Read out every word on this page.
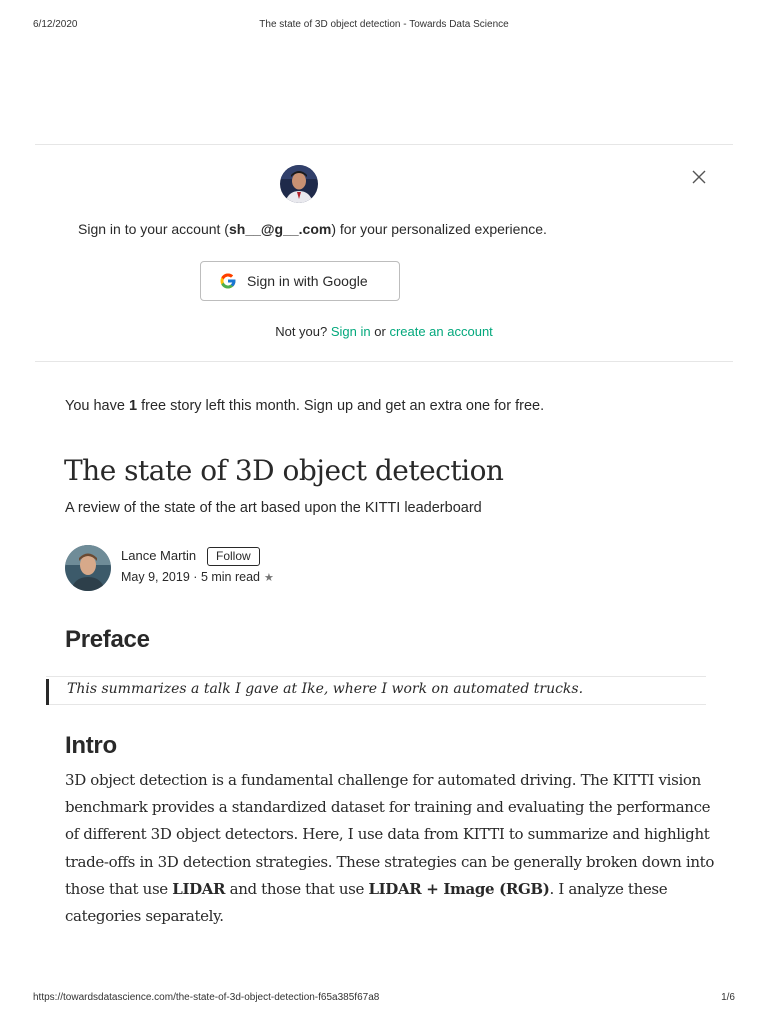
6/12/2020	The state of 3D object detection - Towards Data Science
Sign in to your account (sh__@g__.com) for your personalized experience.
Sign in with Google
Not you? Sign in or create an account
You have 1 free story left this month. Sign up and get an extra one for free.
The state of 3D object detection
A review of the state of the art based upon the KITTI leaderboard
Lance Martin	Follow
May 9, 2019 · 5 min read ★
Preface
This summarizes a talk I gave at Ike, where I work on automated trucks.
Intro
3D object detection is a fundamental challenge for automated driving. The KITTI vision
benchmark provides a standardized dataset for training and evaluating the performance
of different 3D object detectors. Here, I use data from KITTI to summarize and highlight
trade-offs in 3D detection strategies. These strategies can be generally broken down into
those that use LIDAR and those that use LIDAR + Image (RGB). I analyze these
categories separately.
https://towardsdatascience.com/the-state-of-3d-object-detection-f65a385f67a8	1/6
